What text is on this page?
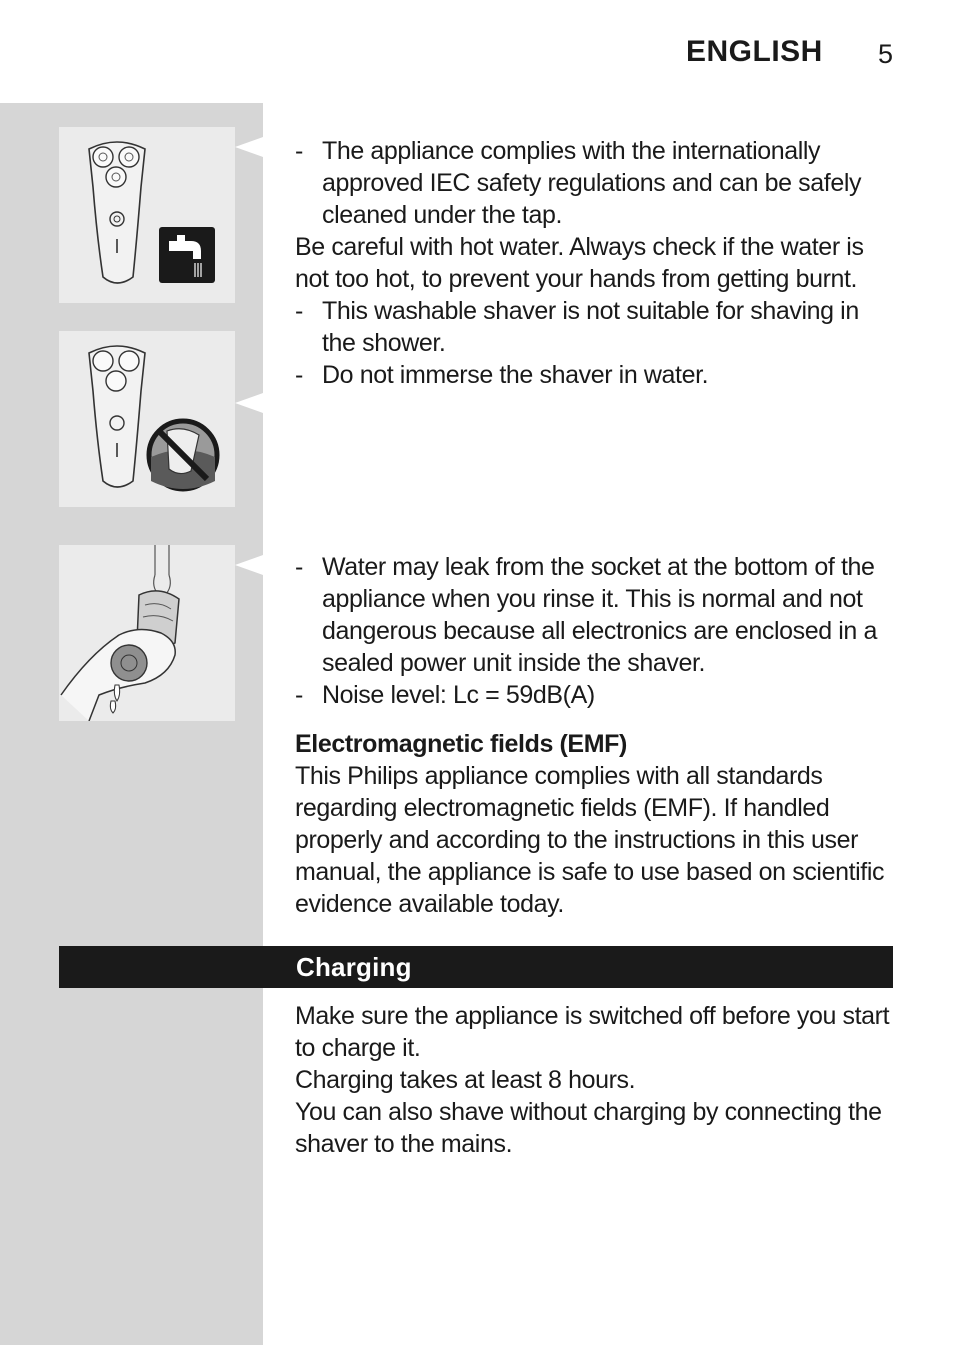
ENGLISH 5

- The appliance complies with the internationally approved IEC safety regulations and can be safely cleaned under the tap.

Be careful with hot water. Always check if the water is not too hot, to prevent your hands from getting burnt.

- This washable shaver is not suitable for shaving in the shower.

- Do not immerse the shaver in water.

- Water may leak from the socket at the bottom of the appliance when you rinse it. This is normal and not dangerous because all electronics are enclosed in a sealed power unit inside the shaver.

- Noise level: Lc = 59dB(A)

Electromagnetic fields (EMF)

This Philips appliance complies with all standards regarding electromagnetic fields (EMF). If handled properly and according to the instructions in this user manual, the appliance is safe to use based on scientific evidence available today.

Charging

Make sure the appliance is switched off before you start to charge it.

Charging takes at least 8 hours.

You can also shave without charging by connecting the shaver to the mains.
